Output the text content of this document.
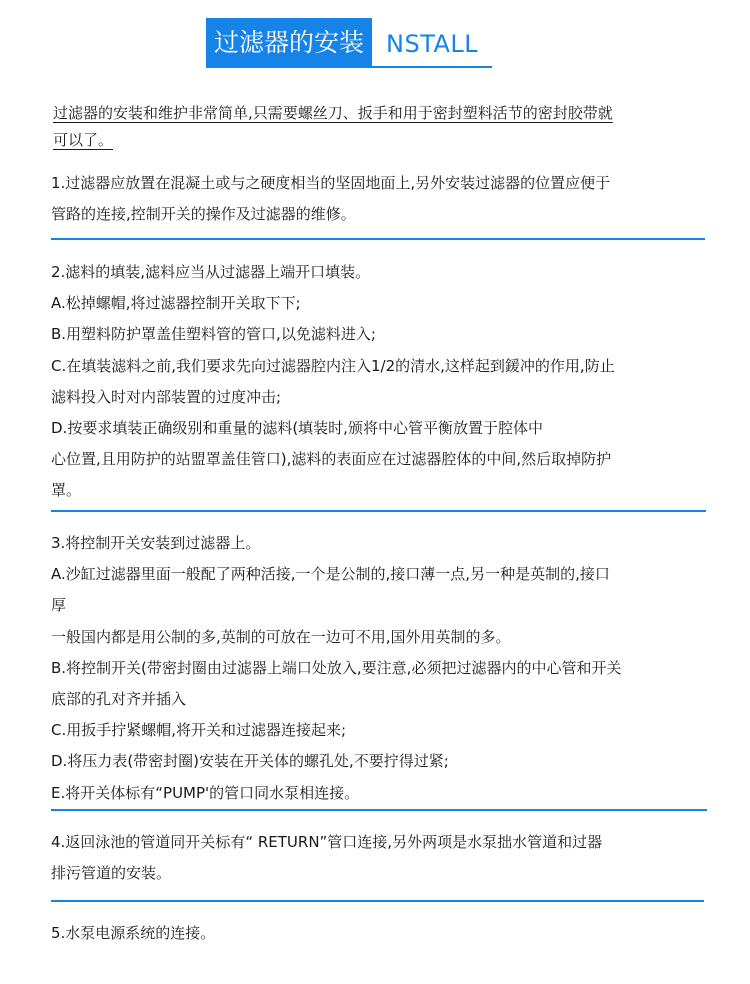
过滤器的安装 NSTALL

过滤器的安装和维护非常简单,只需要螺丝刀、扳手和用于密封塑料活节的密封胶带就
可以了。

1.过滤器应放置在混凝土或与之硬度相当的坚固地面上,另外安装过滤器的位置应便于

管路的连接,控制开关的操作及过滤器的维修。

2.滤料的填装,滤料应当从过滤器上端开口填装。

A.松掉螺帽,将过滤器控制开关取下下;

B.用塑料防护罩盖佳塑料管的管口,以免滤料进入;

C.在填装滤料之前,我们要求先向过滤器腔内注入1/2的清水,这样起到鍰冲的作用,防止

滤料投入时对内部装置的过度冲击;

D.按要求填装正确级别和重量的滤料(填装时,颁将中心管平衡放置于腔体中

心位置,且用防护的站盟罩盖佳管口),滤料的表面应在过滤器腔体的中间,然后取掉防护

罩。

3.将控制开关安装到过滤器上。

A.沙缸过滤器里面一般配了两种活接,一个是公制的,接口薄一点,另一种是英制的,接口

厚

一般国内都是用公制的多,英制的可放在一边可不用,国外用英制的多。

B.将控制开关(带密封圈由过滤器上端口处放入,要注意,必须把过滤器内的中心管和开关

底部的孔对齐并插入

C.用扳手拧紧螺帽,将开关和过滤器连接起来;

D.将压力表(带密封圈)安装在开关体的螺孔处,不要拧得过紧;

E.将开关体标有“PUMP'的管口同水泵相连接。

4.返回泳池的管道同开关标有“ RETURN”管口连接,另外两项是水泵拙水管道和过器

排污管道的安装。

5.水泵电源系统的连接。
